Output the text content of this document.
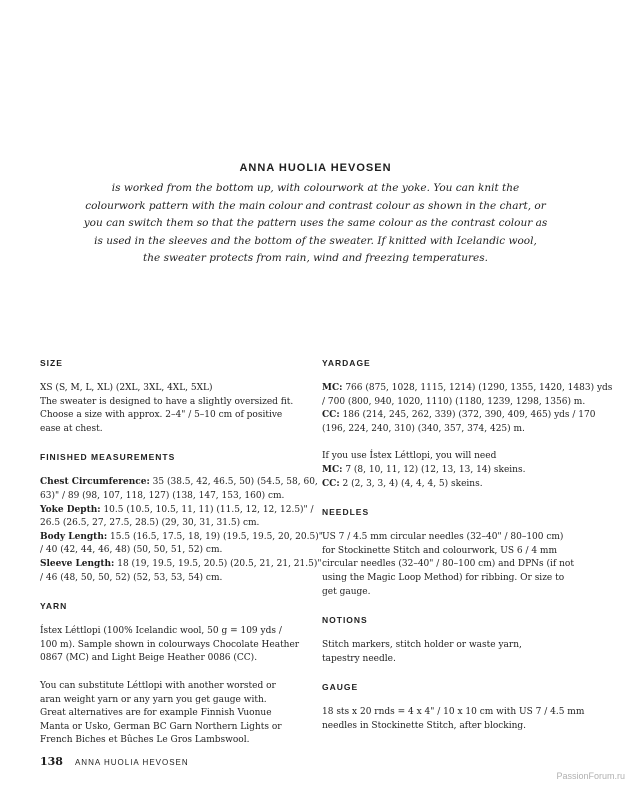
ANNA HUOLIA HEVOSEN
is worked from the bottom up, with colourwork at the yoke. You can knit the
colourwork pattern with the main colour and contrast colour as shown in the chart, or
you can switch them so that the pattern uses the same colour as the contrast colour as
is used in the sleeves and the bottom of the sweater. If knitted with Icelandic wool,
the sweater protects from rain, wind and freezing temperatures.
SIZE
XS (S, M, L, XL) (2XL, 3XL, 4XL, 5XL)
The sweater is designed to have a slightly oversized fit.
Choose a size with approx. 2–4" / 5–10 cm of positive
ease at chest.
FINISHED MEASUREMENTS
Chest Circumference: 35 (38.5, 42, 46.5, 50) (54.5, 58, 60,
63)" / 89 (98, 107, 118, 127) (138, 147, 153, 160) cm.
Yoke Depth: 10.5 (10.5, 10.5, 11, 11) (11.5, 12, 12, 12.5)" /
26.5 (26.5, 27, 27.5, 28.5) (29, 30, 31, 31.5) cm.
Body Length: 15.5 (16.5, 17.5, 18, 19) (19.5, 19.5, 20, 20.5)"
/ 40 (42, 44, 46, 48) (50, 50, 51, 52) cm.
Sleeve Length: 18 (19, 19.5, 19.5, 20.5) (20.5, 21, 21, 21.5)"
/ 46 (48, 50, 50, 52) (52, 53, 53, 54) cm.
YARN
Ístex Léttlopi (100% Icelandic wool, 50 g = 109 yds /
100 m). Sample shown in colourways Chocolate Heather
0867 (MC) and Light Beige Heather 0086 (CC).
You can substitute Léttlopi with another worsted or
aran weight yarn or any yarn you get gauge with.
Great alternatives are for example Finnish Vuonue
Manta or Usko, German BC Garn Northern Lights or
French Biches et Bûches Le Gros Lambswool.
YARDAGE
MC: 766 (875, 1028, 1115, 1214) (1290, 1355, 1420, 1483) yds
/ 700 (800, 940, 1020, 1110) (1180, 1239, 1298, 1356) m.
CC: 186 (214, 245, 262, 339) (372, 390, 409, 465) yds / 170
(196, 224, 240, 310) (340, 357, 374, 425) m.
If you use Ístex Léttlopi, you will need
MC: 7 (8, 10, 11, 12) (12, 13, 13, 14) skeins.
CC: 2 (2, 3, 3, 4) (4, 4, 4, 5) skeins.
NEEDLES
US 7 / 4.5 mm circular needles (32–40" / 80–100 cm)
for Stockinette Stitch and colourwork, US 6 / 4 mm
circular needles (32–40" / 80–100 cm) and DPNs (if not
using the Magic Loop Method) for ribbing. Or size to
get gauge.
NOTIONS
Stitch markers, stitch holder or waste yarn,
tapestry needle.
GAUGE
18 sts x 20 rnds = 4 x 4" / 10 x 10 cm with US 7 / 4.5 mm
needles in Stockinette Stitch, after blocking.
138 ANNA HUOLIA HEVOSEN
PassionForum.ru
